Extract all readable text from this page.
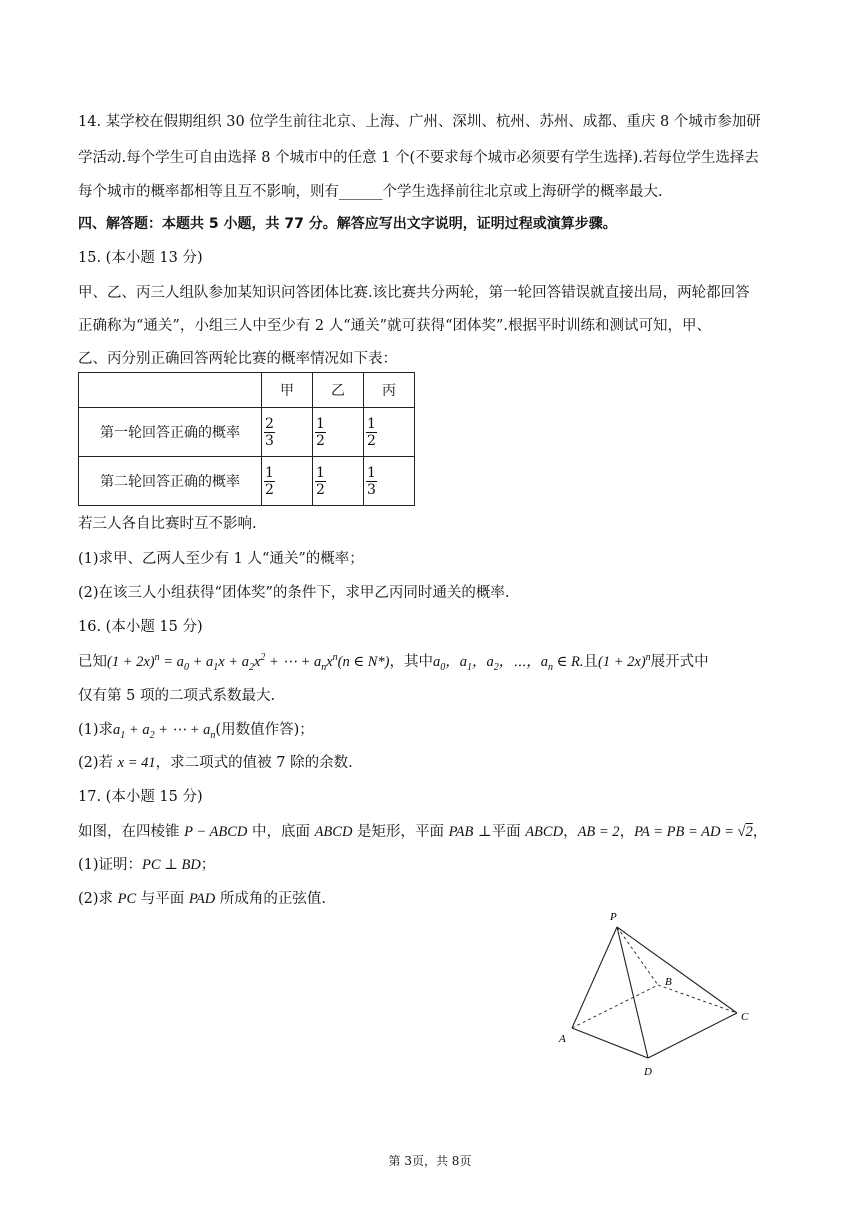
14. 某学校在假期组织 30 位学生前往北京、上海、广州、深圳、杭州、苏州、成都、重庆 8 个城市参加研
学活动.每个学生可自由选择 8 个城市中的任意 1 个(不要求每个城市必须要有学生选择).若每位学生选择去
每个城市的概率都相等且互不影响，则有______个学生选择前往北京或上海研学的概率最大.
四、解答题：本题共 5 小题，共 77 分。解答应写出文字说明，证明过程或演算步骤。
15. (本小题 13 分)
甲、乙、丙三人组队参加某知识问答团体比赛.该比赛共分两轮，第一轮回答错误就直接出局，两轮都回答
正确称为“通关”，小组三人中至少有 2 人“通关”就可获得“团体奖”.根据平时训练和测试可知，甲、
乙、丙分别正确回答两轮比赛的概率情况如下表：
	甲	乙	丙
第一轮回答正确的概率	$\frac{2}{3}$	$\frac{1}{2}$	$\frac{1}{2}$

第二轮回答正确的概率	$\frac{1}{2}$	$\frac{1}{2}$	$\frac{1}{3}$
若三人各自比赛时互不影响.
(1)求甲、乙两人至少有 1 人“通关”的概率；
(2)在该三人小组获得“团体奖”的条件下，求甲乙丙同时通关的概率.
16. (本小题 15 分)
已知$(1 + 2x)^n = a_0 + a_1x + a_2x^2$ + ⋯ + $a_nx^n(n$ ∈ N*)，其中$a_0$，$a_1$，$a_2$，⋯，$a_n$ ∈ R.且$(1 + 2x)^n$展开式中
仅有第 5 项的二项式系数最大.
(1)求$a_1 + a_2$ + ⋯ + $a_n$(用数值作答)；
(2)若 x = 41，求二项式的值被 7 除的余数.
17. (本小题 15 分)
如图，在四棱锥 P − ABCD 中，底面 ABCD 是矩形，平面 PAB ⊥平面 ABCD，AB = 2，PA = PB = AD = √2，
(1)证明：PC ⊥ BD；
(2)求 PC 与平面 PAD 所成角的正弦值.
P
A
B
C
D
第 3页，共 8页
